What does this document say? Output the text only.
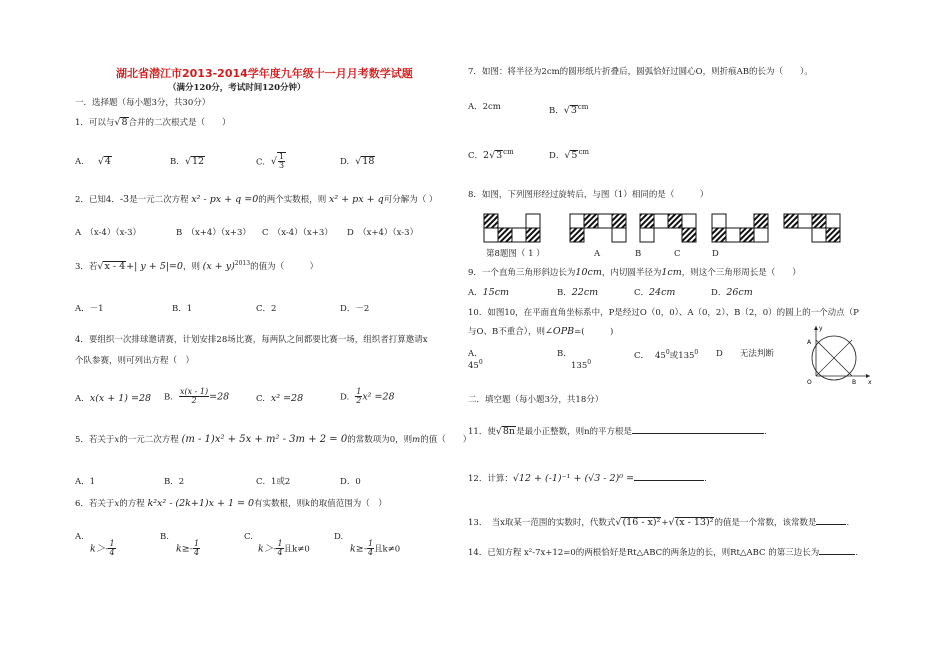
湖北省潜江市2013-2014学年度九年级十一月月考数学试题
（满分120分，考试时间120分钟）
一．选择题（每小题3分，共30分）
1．可以与√8合并的二次根式是（　　）
A. √4	B. √12	C. √ $\frac{1}{3}$	D. √18
2．已知4．-3是一元二次方程 x² - px + q =0的两个实数根，则 x² + px + q可分解为（ ）
A　（x-4）（x-3）	B　（x+4）（x+3） C　（x-4）（x+3） D　（x+4）（x-3）
3．若√x - 4+| y + 5|=0，则 $(x + y)^{2013}$的值为（　　　）
A．－1	B．1	C．2	D．－2
4．要组织一次排球邀请赛，计划安排28场比赛，每两队之间都要比赛一场，组织者打算邀请x
个队参赛，则可列出方程（　）
A. x(x + 1) =28 B. $\frac{x(x - 1)}{2} =28$	C. x² =28	D. $\frac{1}{2} x^2 =28$
5．若关于x的一元二次方程 (m - 1)x² + 5x + m² - 3m + 2 = 0的常数项为0，则m的值（　　）
A．1	B．2	C．1或2	D．0
6．若关于x的方程 k²x² - (2k+1)x + 1 = 0有实数根，则k的取值范围为（　）
A.
$k>- \frac{1}{4}$
B.
$k\ge- \frac{1}{4}$
C.
$k>- \frac{1}{4}$ 且k≠0
D.
$k\ge- \frac{1}{4}$ 且k≠0
7．如图：将半径为2cm的圆形纸片折叠后，圆弧恰好过圆心O，则折痕AB的长为（　　）。
A．2cm	B．$√3^{cm}$
C．$2√3^{cm}$	D．$√5^{cm}$
8．如图，下列图形经过旋转后，与图（1）相同的是（　　　）
第8题图（ 1 ）	A	B	C	D
9．一个直角三角形斜边长为10cm，内切圆半径为1cm，则这个三角形周长是（　　）
A．15cm	B．22cm	C．24cm	D．26cm
10．如图10，在平面直角坐标系中，P是经过O（0，0）、A（0，2）、B（2，0）的圆上的一个动点（P
与O、B不重合），则∠OPB=(　　　)
A．
$45^0$
B．
$135^0$
C． $45^0$或$135^0$ D　　无法判断
A
B
O	x
y
二．填空题（每小题3分，共18分）
11．使√8n是最小正整数，则n的平方根是	.
12．计算：√12 + (-1)⁻¹ + (√3 - 2)⁰ =	.
13．　当x取某一范围的实数时，代数式√(16 - x)²+√(x - 13)²的值是一个常数，该常数是	.
14．已知方程 x²-7x+12=0的两根恰好是Rt△ABC的两条边的长，则Rt△ABC 的第三边长为	.
